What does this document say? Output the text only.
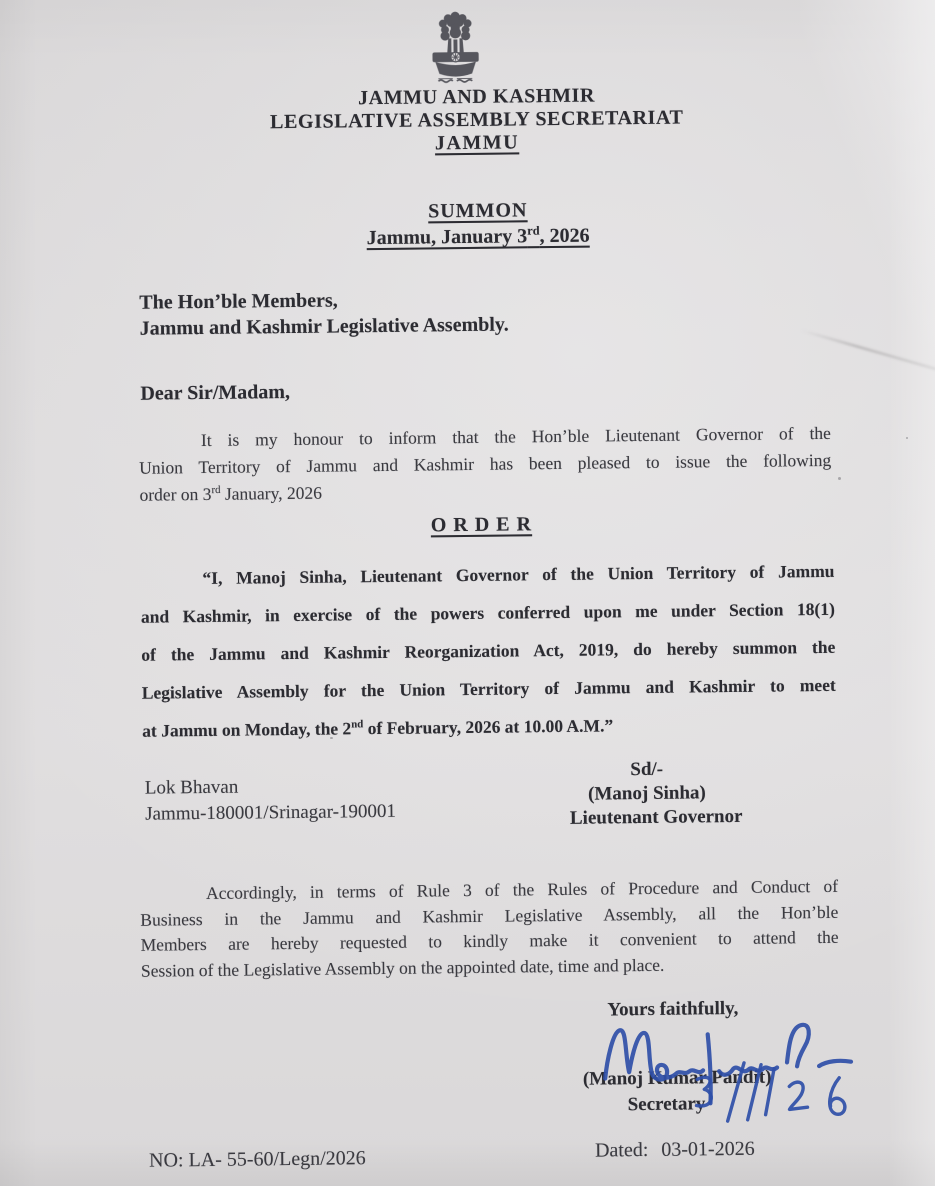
JAMMU AND KASHMIR
LEGISLATIVE ASSEMBLY SECRETARIAT
JAMMU
SUMMON
Jammu, January 3rd, 2026
The Hon’ble Members,
Jammu and Kashmir Legislative Assembly.
Dear Sir/Madam,
It is my honour to inform that the Hon’ble Lieutenant Governor of the
Union Territory of Jammu and Kashmir has been pleased to issue the following
order on 3rd January, 2026
O R D E R
“I, Manoj Sinha, Lieutenant Governor of the Union Territory of Jammu
and Kashmir, in exercise of the powers conferred upon me under Section 18(1)
of the Jammu and Kashmir Reorganization Act, 2019, do hereby summon the
Legislative Assembly for the Union Territory of Jammu and Kashmir to meet
at Jammu on Monday, the 2nd of February, 2026 at 10.00 A.M.”
Lok Bhavan
Jammu-180001/Srinagar-190001
Sd/-
(Manoj Sinha)
Lieutenant Governor
Accordingly, in terms of Rule 3 of the Rules of Procedure and Conduct of
Business in the Jammu and Kashmir Legislative Assembly, all the Hon’ble
Members are hereby requested to kindly make it convenient to attend the
Session of the Legislative Assembly on the appointed date, time and place.
Yours faithfully,
(Manoj Kumar Pandit)
Secretary
NO: LA- 55-60/Legn/2026	Dated: 03-01-2026
